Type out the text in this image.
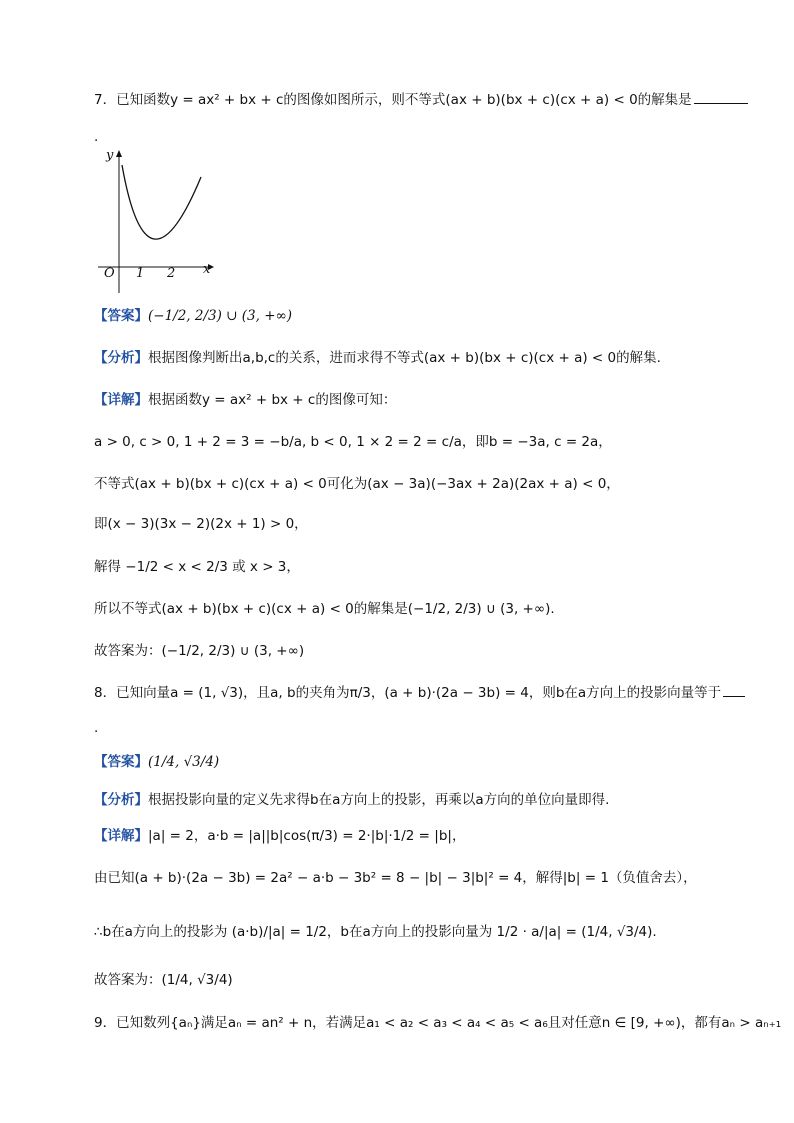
7．已知函数y = ax² + bx + c的图像如图所示，则不等式(ax + b)(bx + c)(cx + a) < 0的解集是
.
y
x
O 1 2
【答案】(−1/2, 2/3) ∪ (3, +∞)
【分析】根据图像判断出a,b,c的关系，进而求得不等式(ax + b)(bx + c)(cx + a) < 0的解集.
【详解】根据函数y = ax² + bx + c的图像可知：
a > 0, c > 0, 1 + 2 = 3 = −b/a, b < 0, 1 × 2 = 2 = c/a，即b = −3a, c = 2a，
不等式(ax + b)(bx + c)(cx + a) < 0可化为(ax − 3a)(−3ax + 2a)(2ax + a) < 0，
即(x − 3)(3x − 2)(2x + 1) > 0，
解得 −1/2 < x < 2/3 或 x > 3，
所以不等式(ax + b)(bx + c)(cx + a) < 0的解集是(−1/2, 2/3) ∪ (3, +∞).
故答案为：(−1/2, 2/3) ∪ (3, +∞)
8．已知向量a = (1, √3)，且a, b的夹角为π/3，(a + b)·(2a − 3b) = 4，则b在a方向上的投影向量等于
.
【答案】(1/4, √3/4)
【分析】根据投影向量的定义先求得b在a方向上的投影，再乘以a方向的单位向量即得.
【详解】|a| = 2，a·b = |a||b|cos(π/3) = 2·|b|·1/2 = |b|，
由已知(a + b)·(2a − 3b) = 2a² − a·b − 3b² = 8 − |b| − 3|b|² = 4，解得|b| = 1（负值舍去），
∴b在a方向上的投影为 (a·b)/|a| = 1/2，b在a方向上的投影向量为 1/2 · a/|a| = (1/4, √3/4).
故答案为：(1/4, √3/4)
9．已知数列{aₙ}满足aₙ = an² + n，若满足a₁ < a₂ < a₃ < a₄ < a₅ < a₆且对任意n ∈ [9, +∞)，都有aₙ > aₙ₊₁
